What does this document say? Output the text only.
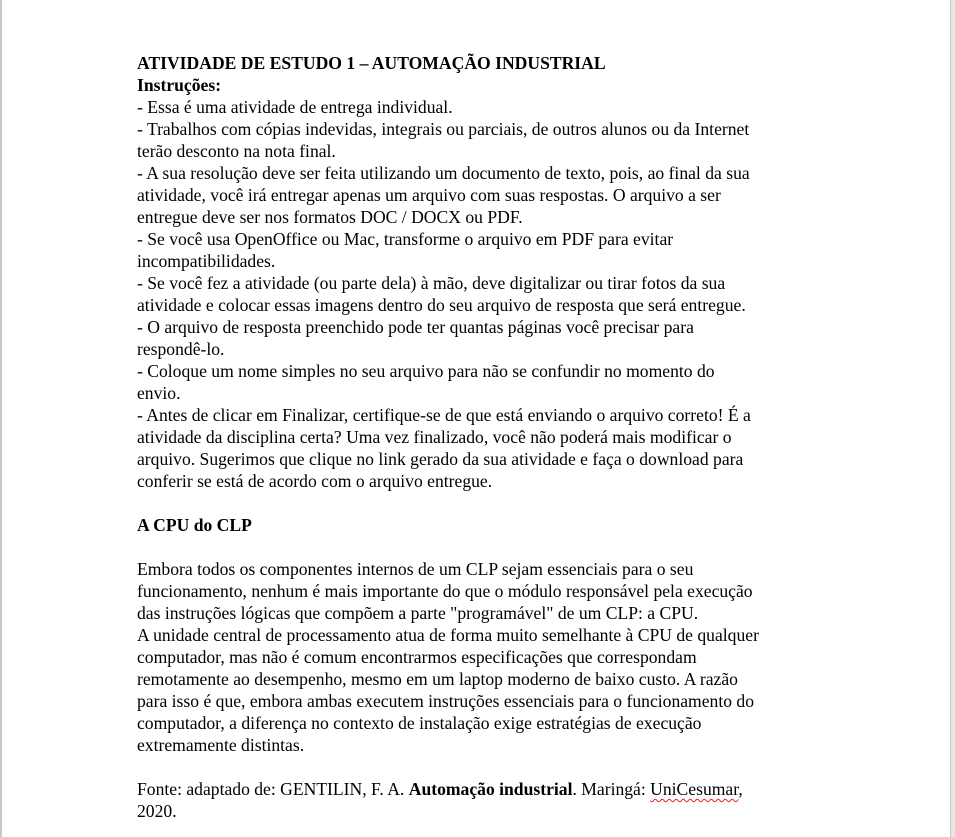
ATIVIDADE DE ESTUDO 1 – AUTOMAÇÃO INDUSTRIAL
Instruções:
- Essa é uma atividade de entrega individual.
- Trabalhos com cópias indevidas, integrais ou parciais, de outros alunos ou da Internet
terão desconto na nota final.
- A sua resolução deve ser feita utilizando um documento de texto, pois, ao final da sua
atividade, você irá entregar apenas um arquivo com suas respostas. O arquivo a ser
entregue deve ser nos formatos DOC / DOCX ou PDF.
- Se você usa OpenOffice ou Mac, transforme o arquivo em PDF para evitar
incompatibilidades.
- Se você fez a atividade (ou parte dela) à mão, deve digitalizar ou tirar fotos da sua
atividade e colocar essas imagens dentro do seu arquivo de resposta que será entregue.
- O arquivo de resposta preenchido pode ter quantas páginas você precisar para
respondê-lo.
- Coloque um nome simples no seu arquivo para não se confundir no momento do
envio.
- Antes de clicar em Finalizar, certifique-se de que está enviando o arquivo correto! É a
atividade da disciplina certa? Uma vez finalizado, você não poderá mais modificar o
arquivo. Sugerimos que clique no link gerado da sua atividade e faça o download para
conferir se está de acordo com o arquivo entregue.
A CPU do CLP
Embora todos os componentes internos de um CLP sejam essenciais para o seu
funcionamento, nenhum é mais importante do que o módulo responsável pela execução
das instruções lógicas que compõem a parte "programável" de um CLP: a CPU.
A unidade central de processamento atua de forma muito semelhante à CPU de qualquer
computador, mas não é comum encontrarmos especificações que correspondam
remotamente ao desempenho, mesmo em um laptop moderno de baixo custo. A razão
para isso é que, embora ambas executem instruções essenciais para o funcionamento do
computador, a diferença no contexto de instalação exige estratégias de execução
extremamente distintas.
Fonte: adaptado de: GENTILIN, F. A. Automação industrial. Maringá: UniCesumar,
2020.
